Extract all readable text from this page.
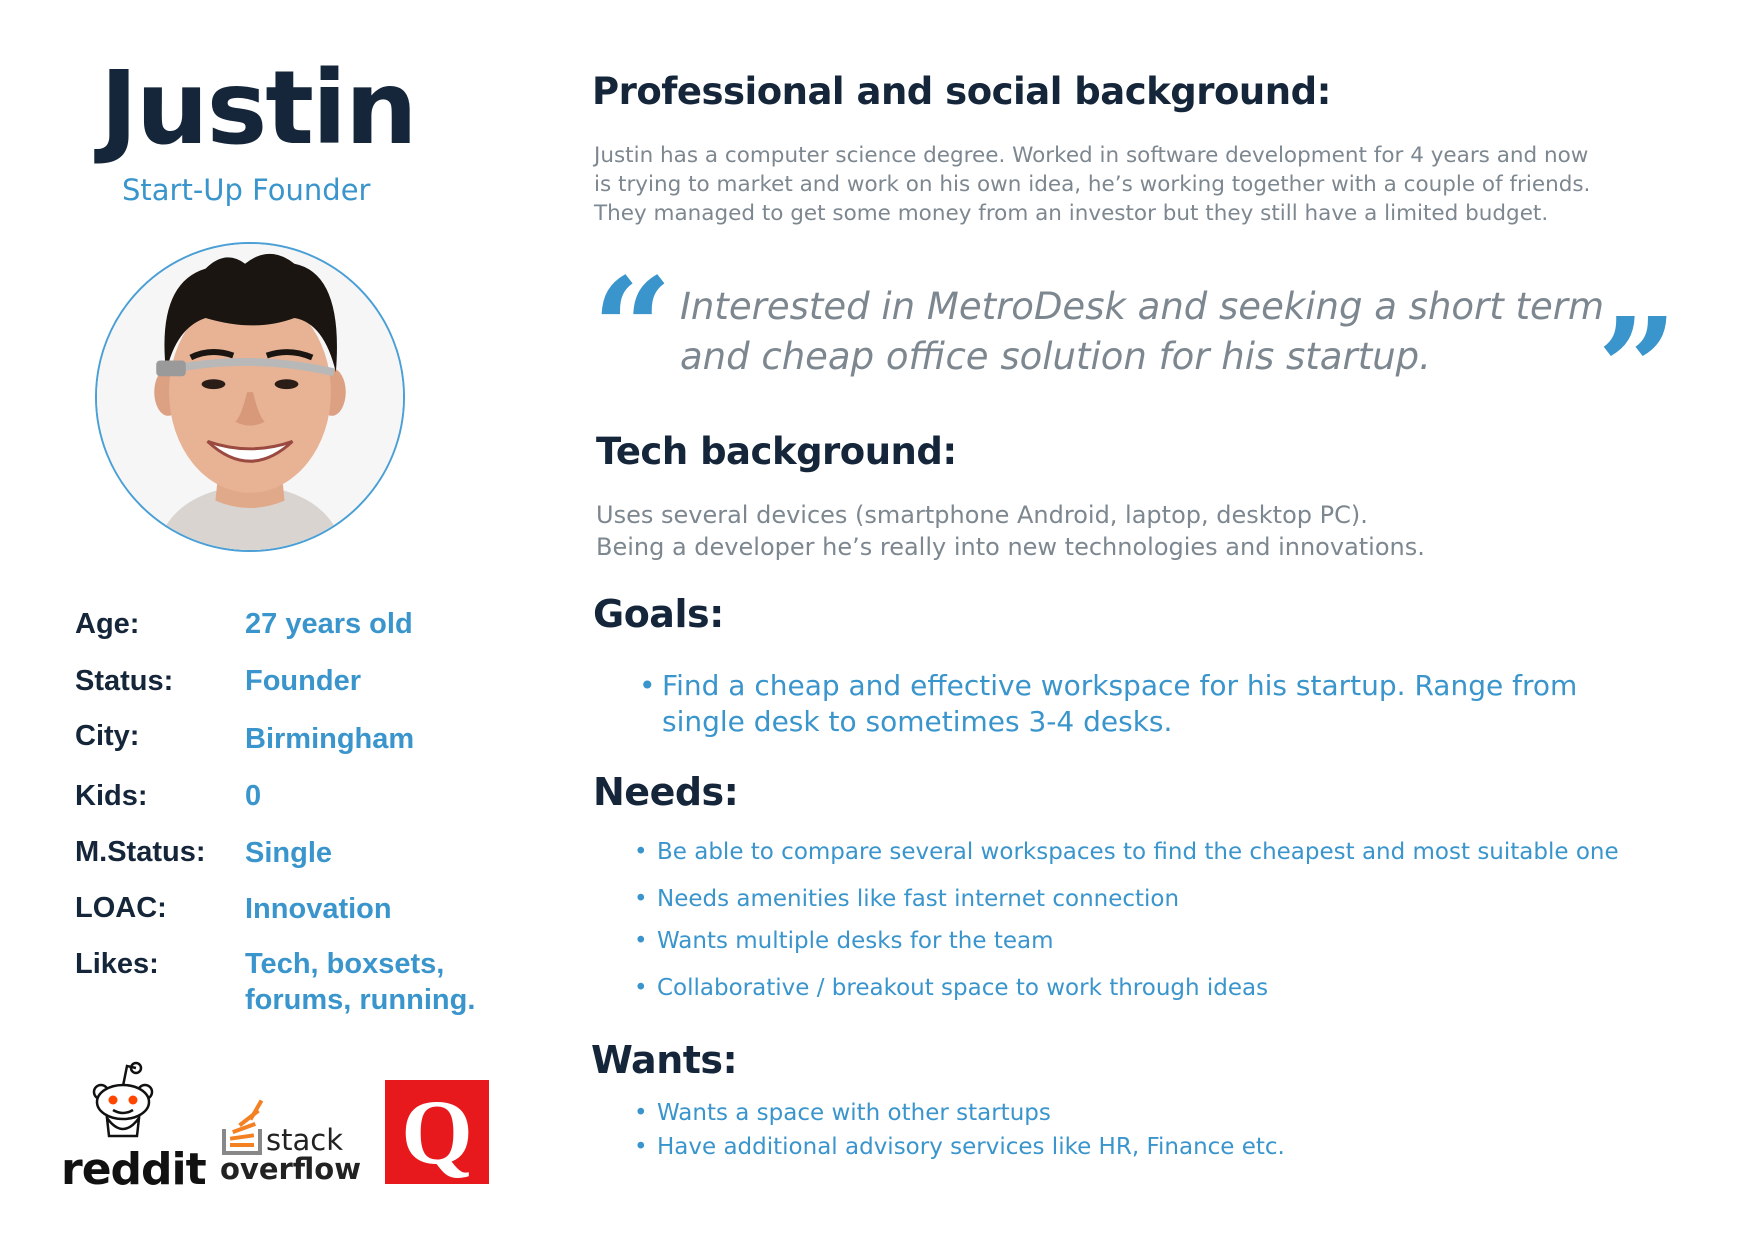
Justin
Start-Up Founder
Age:	27 years old
Status: Founder
City:	Birmingham
Kids:	0
M.Status: Single
LOAC:	Innovation
Likes:	Tech, boxsets,
forums, running.
reddit
stack
overflow Q
Professional and social background:
Justin has a computer science degree. Worked in software development for 4 years and now
is trying to market and work on his own idea, he’s working together with a couple of friends.
They managed to get some money from an investor but they still have a limited budget.
“ Interested in MetroDesk and seeking a short term
and cheap office solution for his startup.	”
Tech background:
Uses several devices (smartphone Android, laptop, desktop PC).
Being a developer he’s really into new technologies and innovations.
Goals:
• Find a cheap and effective workspace for his startup. Range from
single desk to sometimes 3-4 desks.
Needs:
• Be able to compare several workspaces to find the cheapest and most suitable one
• Needs amenities like fast internet connection
• Wants multiple desks for the team
• Collaborative / breakout space to work through ideas
Wants:
• Wants a space with other startups
• Have additional advisory services like HR, Finance etc.
